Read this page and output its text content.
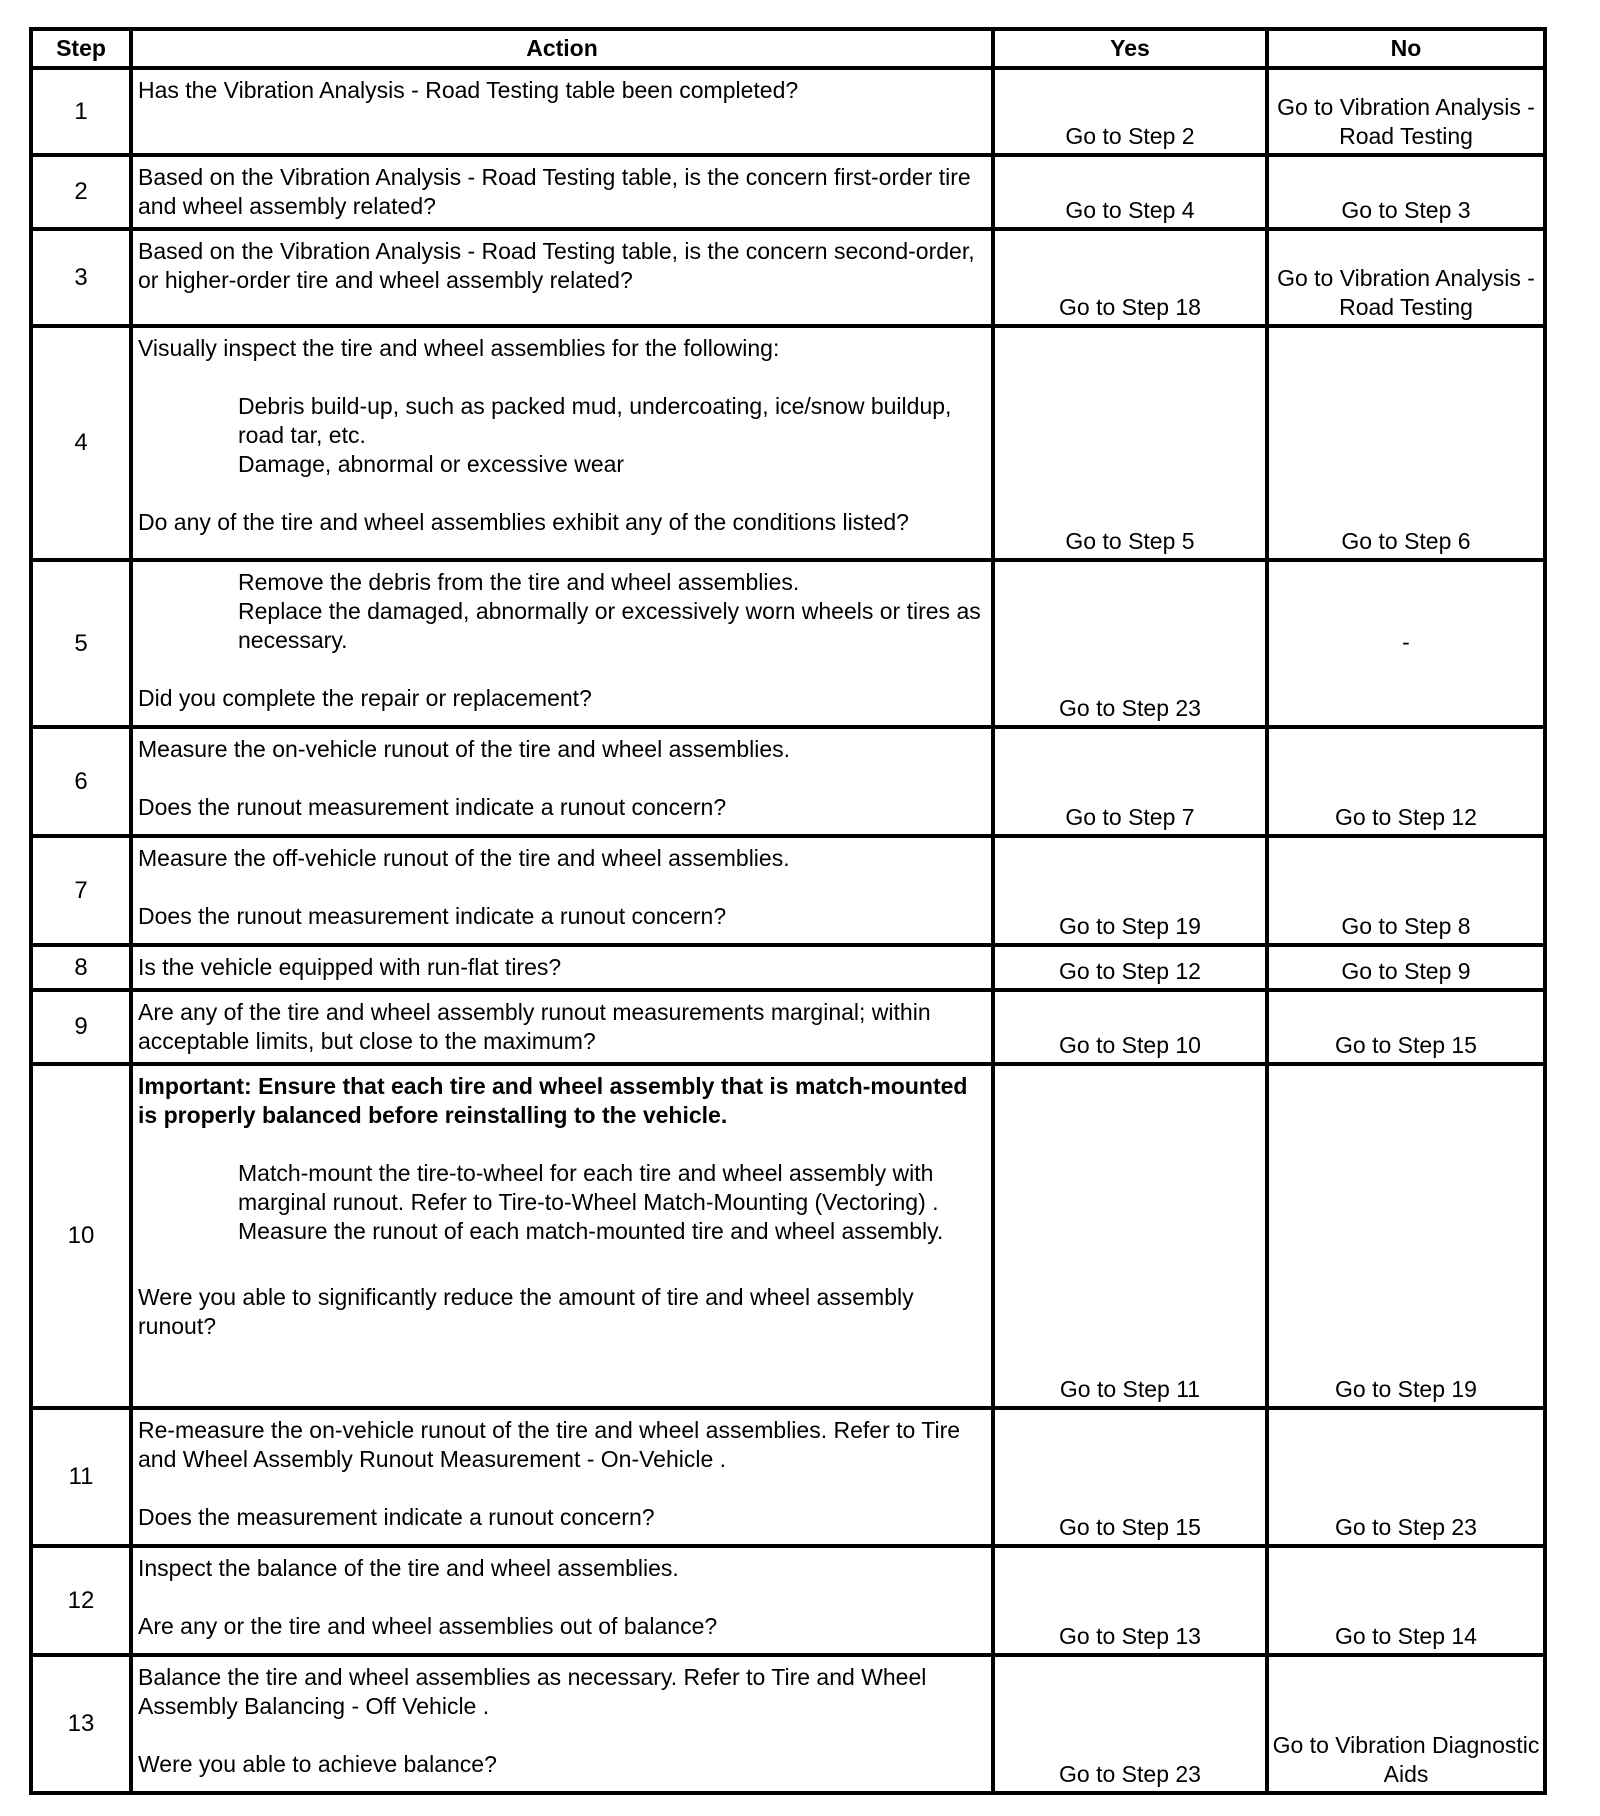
Step	Action	Yes	No
1	Has the Vibration Analysis - Road Testing table been completed?	Go to Step 2	Go to Vibration Analysis - Road Testing
2	Based on the Vibration Analysis - Road Testing table, is the concern first-order tire and wheel assembly related?	Go to Step 4	Go to Step 3
3	Based on the Vibration Analysis - Road Testing table, is the concern second-order, or higher-order tire and wheel assembly related?	Go to Step 18	Go to Vibration Analysis - Road Testing
4	Visually inspect the tire and wheel assemblies for the following:
Debris build-up, such as packed mud, undercoating, ice/snow buildup, road tar, etc.
Damage, abnormal or excessive wear
Do any of the tire and wheel assemblies exhibit any of the conditions listed?	Go to Step 5	Go to Step 6
5	Remove the debris from the tire and wheel assemblies.
Replace the damaged, abnormally or excessively worn wheels or tires as necessary.
Did you complete the repair or replacement?	Go to Step 23	-
6	Measure the on-vehicle runout of the tire and wheel assemblies.
Does the runout measurement indicate a runout concern?	Go to Step 7	Go to Step 12
7	Measure the off-vehicle runout of the tire and wheel assemblies.
Does the runout measurement indicate a runout concern?	Go to Step 19	Go to Step 8
8	Is the vehicle equipped with run-flat tires?	Go to Step 12	Go to Step 9
9	Are any of the tire and wheel assembly runout measurements marginal; within acceptable limits, but close to the maximum?	Go to Step 10	Go to Step 15
10	Important: Ensure that each tire and wheel assembly that is match-mounted is properly balanced before reinstalling to the vehicle.
Match-mount the tire-to-wheel for each tire and wheel assembly with marginal runout. Refer to Tire-to-Wheel Match-Mounting (Vectoring) .
Measure the runout of each match-mounted tire and wheel assembly.
Were you able to significantly reduce the amount of tire and wheel assembly runout?	Go to Step 11	Go to Step 19
11	Re-measure the on-vehicle runout of the tire and wheel assemblies. Refer to Tire and Wheel Assembly Runout Measurement - On-Vehicle .
Does the measurement indicate a runout concern?	Go to Step 15	Go to Step 23
12	Inspect the balance of the tire and wheel assemblies.
Are any or the tire and wheel assemblies out of balance?	Go to Step 13	Go to Step 14
13	Balance the tire and wheel assemblies as necessary. Refer to Tire and Wheel Assembly Balancing - Off Vehicle .
Were you able to achieve balance?	Go to Step 23	Go to Vibration Diagnostic Aids
